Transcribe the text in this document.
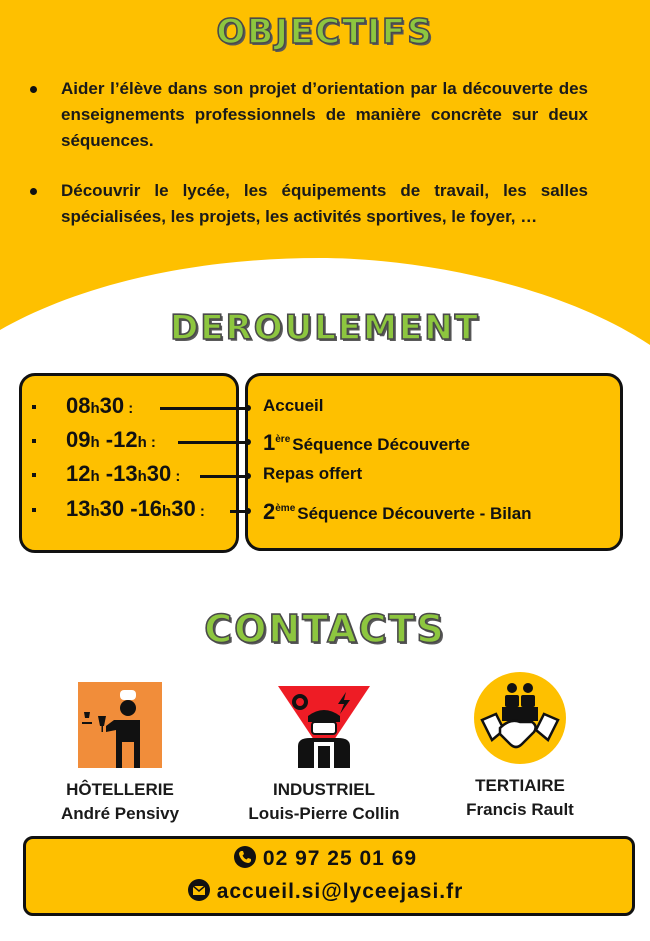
OBJECTIFS
Aider l’élève dans son projet d’orientation par la découverte des enseignements professionnels de manière concrète sur deux séquences.
Découvrir le lycée, les équipements de travail, les salles spécialisées, les projets, les activités sportives, le foyer, …
DEROULEMENT
08h30 :	Accueil
09h -12h :	1ère Séquence Découverte
12h -13h30 :	Repas offert
13h30 -16h30 :	2ème Séquence Découverte - Bilan
CONTACTS
HÔTELLERIE
André Pensivy
INDUSTRIEL
Louis-Pierre Collin
TERTIAIRE
Francis Rault
02 97 25 01 69
accueil.si@lyceejasi.fr
